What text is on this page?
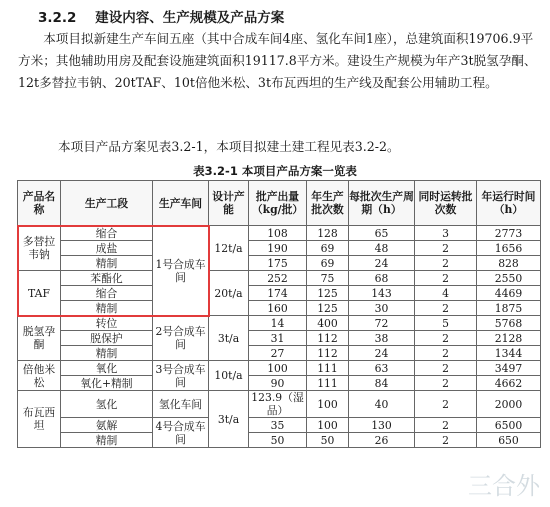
3.2.2 建设内容、生产规模及产品方案
本项目拟新建生产车间五座（其中合成车间4座、氢化车间1座），总建筑面积19706.9平方米；其他辅助用房及配套设施建筑面积19117.8平方米。建设生产规模为年产3t脱氢孕酮、12t多替拉韦钠、20tTAF、10t倍他米松、3t布瓦西坦的生产线及配套公用辅助工程。
本项目产品方案见表3.2-1，本项目拟建土建工程见表3.2-2。
表3.2-1 本项目产品方案一览表
产品名称	生产工段	生产车间	设计产能	批产出量（kg/批）	年生产批次数	每批次生产周期（h）	同时运转批次数	年运行时间（h）
多替拉韦钠	缩合	1号合成车间	12t/a	108	128	65	3	2773
	成盐			190	69	48	2	1656
	精制			175	69	24	2	828
TAF	苯酯化		20t/a	252	75	68	2	2550
	缩合			174	125	143	4	4469
	精制			160	125	30	2	1875
脱氢孕酮	转位	2号合成车间	3t/a	14	400	72	5	5768
	脱保护			31	112	38	2	2128
	精制			27	112	24	2	1344
倍他米松	氧化	3号合成车间	10t/a	100	111	63	2	3497
	氧化+精制			90	111	84	2	4662
布瓦西坦	氢化	氢化车间	3t/a	123.9（湿品）	100	40	2	2000
	氨解	4号合成车间		35	100	130	2	6500
	精制			50	50	26	2	650
三合外
